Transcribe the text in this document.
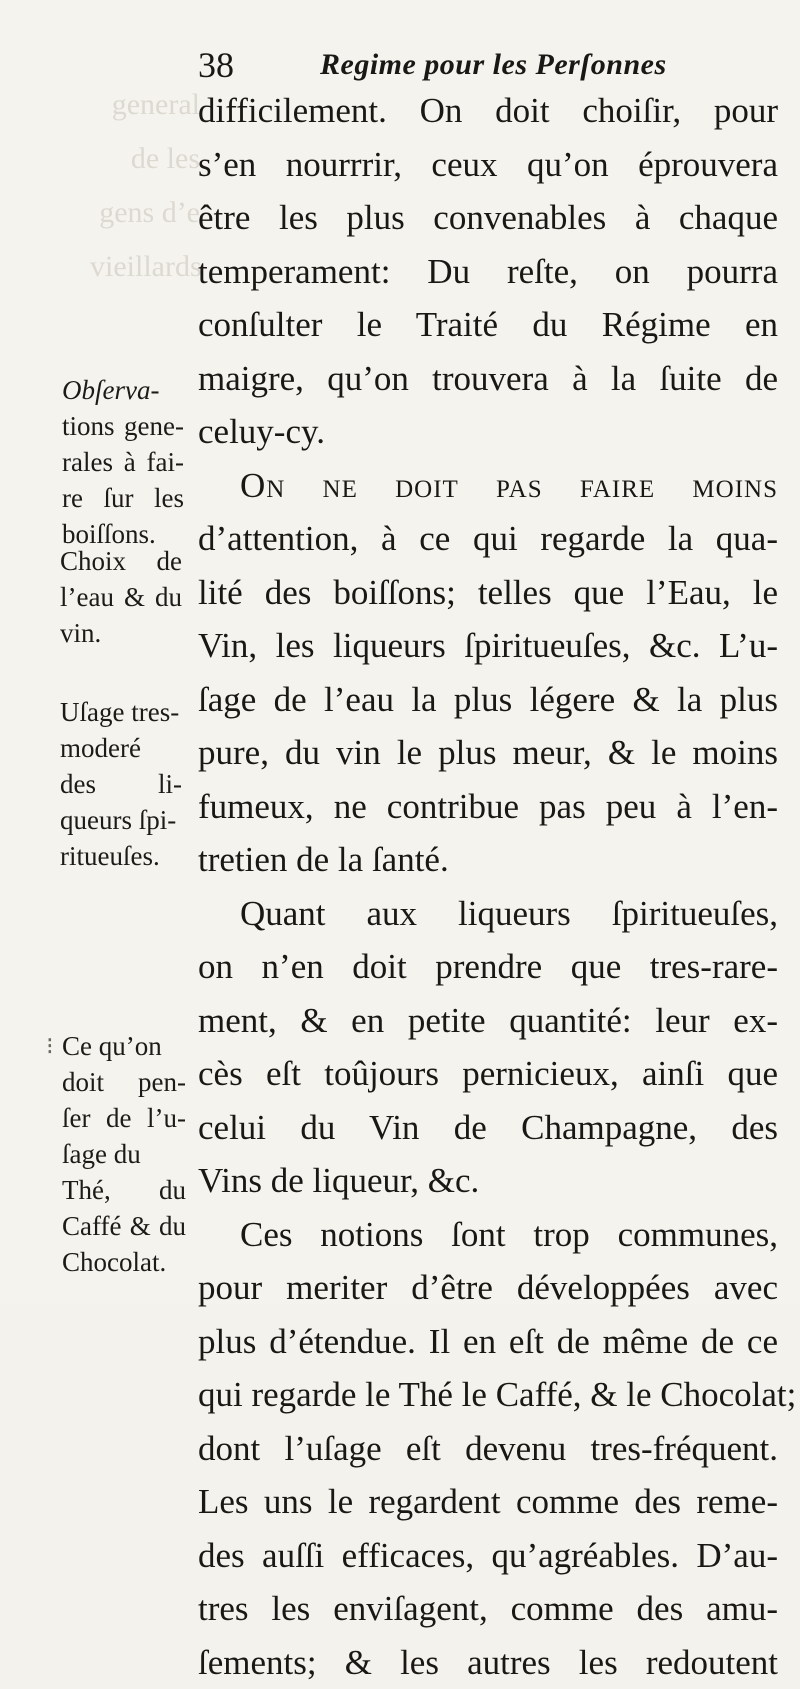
general
de les
gens d’e
vieillards
38	Regime pour les Perſonnes
difficilement. On doit choiſir, pour
s’en nourrrir, ceux qu’on éprouvera
être les plus convenables à chaque
temperament: Du reſte, on pourra
conſulter le Traité du Régime en
maigre, qu’on trouvera à la ſuite de
celuy-cy.
On ne doit pas faire moins
d’attention, à ce qui regarde la qua-
lité des boiſſons; telles que l’Eau, le
Vin, les liqueurs ſpiritueuſes, &c. L’u-
ſage de l’eau la plus légere & la plus
pure, du vin le plus meur, & le moins
fumeux, ne contribue pas peu à l’en-
tretien de la ſanté.
Quant aux liqueurs ſpiritueuſes,
on n’en doit prendre que tres-rare-
ment, & en petite quantité: leur ex-
cès eſt toûjours pernicieux, ainſi que
celui du Vin de Champagne, des
Vins de liqueur, &c.
Ces notions ſont trop communes,
pour meriter d’être développées avec
plus d’étendue. Il en eſt de même de ce
qui regarde le Thé le Caffé, & le Chocolat;
dont l’uſage eſt devenu tres-fréquent.
Les uns le regardent comme des reme-
des auſſi efficaces, qu’agréables. D’au-
tres les enviſagent, comme des amu-
ſements; & les autres les redoutent
Obſerva-
tions gene-
rales à fai-
re ſur les
boiſſons.
Choix de
l’eau & du
vin.
Uſage tres-
moderé
des li-
queurs ſpi-
ritueuſes.
⁝ Ce qu’on
doit pen-
ſer de l’u-
ſage du
Thé, du
Caffé & du
Chocolat.
